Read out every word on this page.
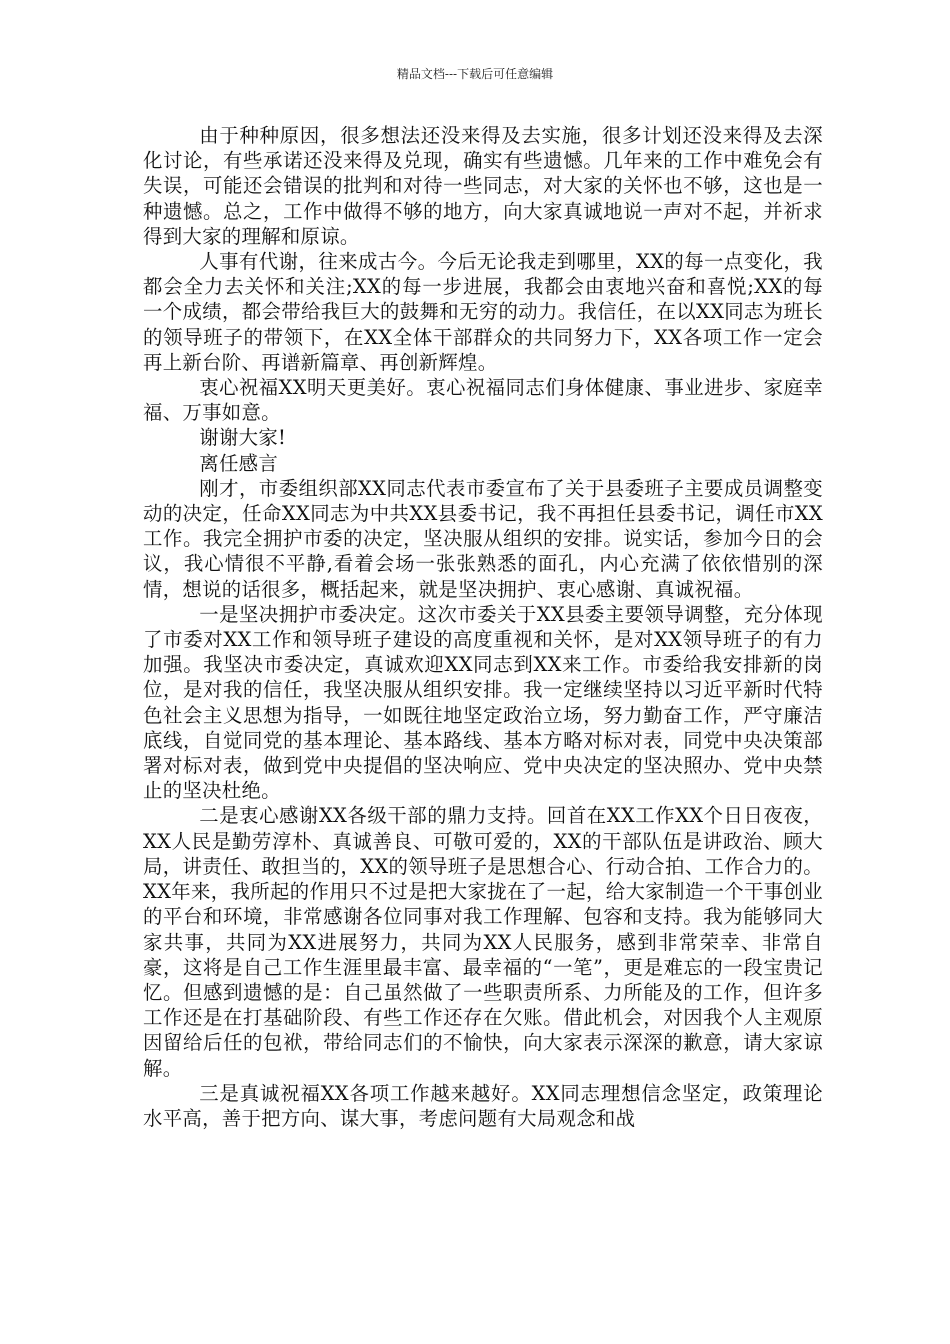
精品文档---下载后可任意编辑

由于种种原因，很多想法还没来得及去实施，很多计划还没来得及去深化讨论，有些承诺还没来得及兑现，确实有些遗憾。几年来的工作中难免会有失误，可能还会错误的批判和对待一些同志，对大家的关怀也不够，这也是一种遗憾。总之，工作中做得不够的地方，向大家真诚地说一声对不起，并祈求得到大家的理解和原谅。

人事有代谢，往来成古今。今后无论我走到哪里，XX的每一点变化，我都会全力去关怀和关注;XX的每一步进展，我都会由衷地兴奋和喜悦;XX的每一个成绩，都会带给我巨大的鼓舞和无穷的动力。我信任，在以XX同志为班长的领导班子的带领下，在XX全体干部群众的共同努力下，XX各项工作一定会再上新台阶、再谱新篇章、再创新辉煌。

衷心祝福XX明天更美好。衷心祝福同志们身体健康、事业进步、家庭幸福、万事如意。

谢谢大家!

离任感言

刚才，市委组织部XX同志代表市委宣布了关于县委班子主要成员调整变动的决定，任命XX同志为中共XX县委书记，我不再担任县委书记，调任市XX工作。我完全拥护市委的决定，坚决服从组织的安排。说实话，参加今日的会议，我心情很不平静,看着会场一张张熟悉的面孔，内心充满了依依惜别的深情，想说的话很多，概括起来，就是坚决拥护、衷心感谢、真诚祝福。

一是坚决拥护市委决定。这次市委关于XX县委主要领导调整，充分体现了市委对XX工作和领导班子建设的高度重视和关怀，是对XX领导班子的有力加强。我坚决市委决定，真诚欢迎XX同志到XX来工作。市委给我安排新的岗位，是对我的信任，我坚决服从组织安排。我一定继续坚持以习近平新时代特色社会主义思想为指导，一如既往地坚定政治立场，努力勤奋工作，严守廉洁底线，自觉同党的基本理论、基本路线、基本方略对标对表，同党中央决策部署对标对表，做到党中央提倡的坚决响应、党中央决定的坚决照办、党中央禁止的坚决杜绝。

二是衷心感谢XX各级干部的鼎力支持。回首在XX工作XX个日日夜夜，XX人民是勤劳淳朴、真诚善良、可敬可爱的，XX的干部队伍是讲政治、顾大局，讲责任、敢担当的，XX的领导班子是思想合心、行动合拍、工作合力的。XX年来，我所起的作用只不过是把大家拢在了一起，给大家制造一个干事创业的平台和环境，非常感谢各位同事对我工作理解、包容和支持。我为能够同大家共事，共同为XX进展努力，共同为XX人民服务，感到非常荣幸、非常自豪，这将是自己工作生涯里最丰富、最幸福的“一笔”，更是难忘的一段宝贵记忆。但感到遗憾的是：自己虽然做了一些职责所系、力所能及的工作，但许多工作还是在打基础阶段、有些工作还存在欠账。借此机会，对因我个人主观原因留给后任的包袱，带给同志们的不愉快，向大家表示深深的歉意，请大家谅解。

三是真诚祝福XX各项工作越来越好。XX同志理想信念坚定，政策理论水平高，善于把方向、谋大事，考虑问题有大局观念和战
